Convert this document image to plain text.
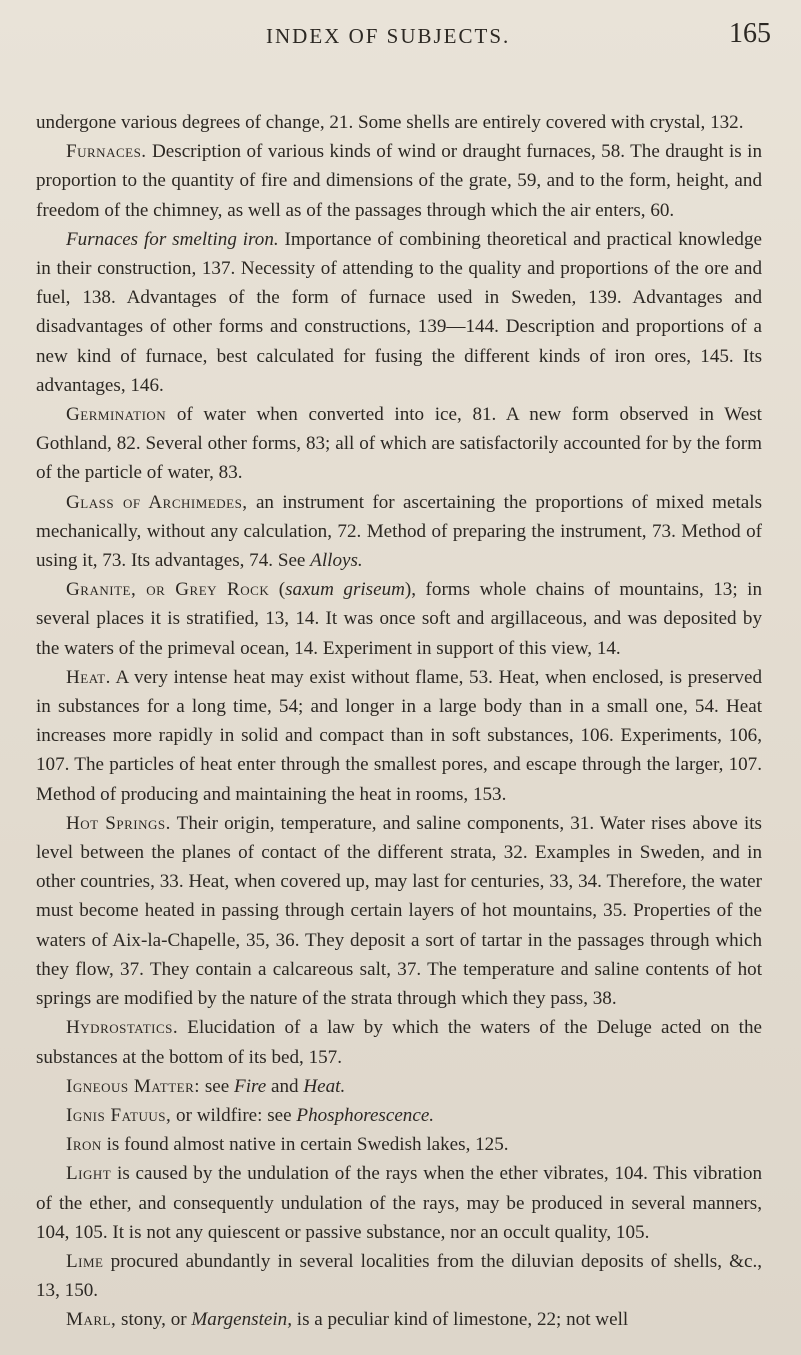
INDEX OF SUBJECTS.	165

undergone various degrees of change, 21. Some shells are entirely covered with crystal, 132.

Furnaces. Description of various kinds of wind or draught furnaces, 58. The draught is in proportion to the quantity of fire and dimensions of the grate, 59, and to the form, height, and freedom of the chimney, as well as of the passages through which the air enters, 60.

Furnaces for smelting iron. Importance of combining theoretical and practical knowledge in their construction, 137. Necessity of attending to the quality and proportions of the ore and fuel, 138. Advantages of the form of furnace used in Sweden, 139. Advantages and disadvantages of other forms and constructions, 139—144. Description and proportions of a new kind of furnace, best calculated for fusing the different kinds of iron ores, 145. Its advantages, 146.

Germination of water when converted into ice, 81. A new form observed in West Gothland, 82. Several other forms, 83; all of which are satisfactorily accounted for by the form of the particle of water, 83.

Glass of Archimedes, an instrument for ascertaining the proportions of mixed metals mechanically, without any calculation, 72. Method of preparing the instrument, 73. Method of using it, 73. Its advantages, 74. See Alloys.

Granite, or Grey Rock (saxum griseum), forms whole chains of mountains, 13; in several places it is stratified, 13, 14. It was once soft and argillaceous, and was deposited by the waters of the primeval ocean, 14. Experiment in support of this view, 14.

Heat. A very intense heat may exist without flame, 53. Heat, when enclosed, is preserved in substances for a long time, 54; and longer in a large body than in a small one, 54. Heat increases more rapidly in solid and compact than in soft substances, 106. Experiments, 106, 107. The particles of heat enter through the smallest pores, and escape through the larger, 107. Method of producing and maintaining the heat in rooms, 153.

Hot Springs. Their origin, temperature, and saline components, 31. Water rises above its level between the planes of contact of the different strata, 32. Examples in Sweden, and in other countries, 33. Heat, when covered up, may last for centuries, 33, 34. Therefore, the water must become heated in passing through certain layers of hot mountains, 35. Properties of the waters of Aix-la-Chapelle, 35, 36. They deposit a sort of tartar in the passages through which they flow, 37. They contain a calcareous salt, 37. The temperature and saline contents of hot springs are modified by the nature of the strata through which they pass, 38.

Hydrostatics. Elucidation of a law by which the waters of the Deluge acted on the substances at the bottom of its bed, 157.

Igneous Matter: see Fire and Heat.

Ignis Fatuus, or wildfire: see Phosphorescence.

Iron is found almost native in certain Swedish lakes, 125.

Light is caused by the undulation of the rays when the ether vibrates, 104. This vibration of the ether, and consequently undulation of the rays, may be produced in several manners, 104, 105. It is not any quiescent or passive substance, nor an occult quality, 105.

Lime procured abundantly in several localities from the diluvian deposits of shells, &c., 13, 150.

Marl, stony, or Margenstein, is a peculiar kind of limestone, 22; not well
